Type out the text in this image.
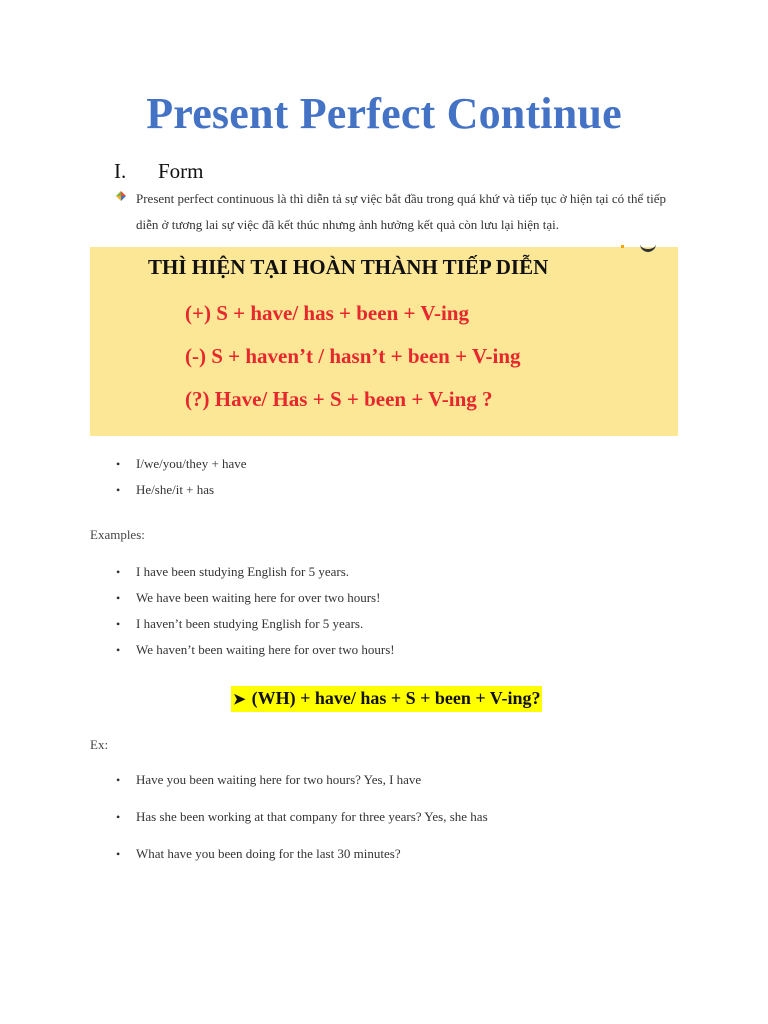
Present Perfect Continue
I. Form
Present perfect continuous là thì diễn tả sự việc bắt đầu trong quá khứ và tiếp tục ở hiện tại có thể tiếp diễn ở tương lai sự việc đã kết thúc nhưng ảnh hưởng kết quả còn lưu lại hiện tại.
THÌ HIỆN TẠI HOÀN THÀNH TIẾP DIỄN
(+) S + have/ has + been + V-ing
(-) S + haven’t / hasn’t + been + V-ing
(?) Have/ Has + S + been + V-ing ?
• I/we/you/they + have
• He/she/it + has
Examples:
• I have been studying English for 5 years.
• We have been waiting here for over two hours!
• I haven’t been studying English for 5 years.
• We haven’t been waiting here for over two hours!
➤ (WH) + have/ has + S + been + V-ing?
Ex:
• Have you been waiting here for two hours? Yes, I have
• Has she been working at that company for three years? Yes, she has
• What have you been doing for the last 30 minutes?
